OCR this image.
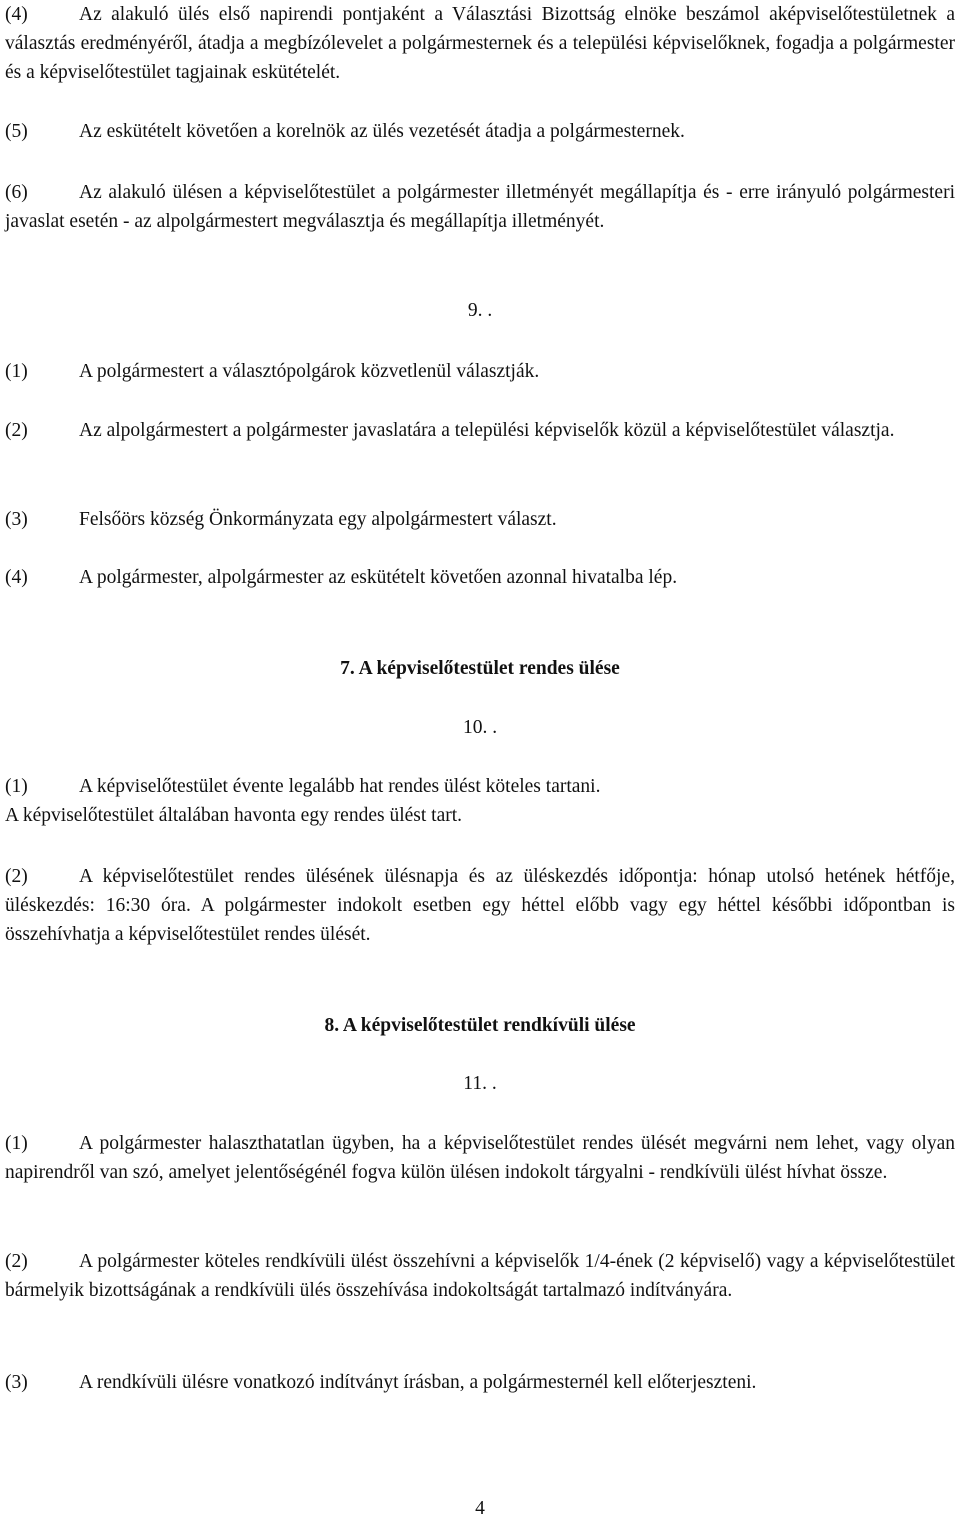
(4)	Az alakuló ülés első napirendi pontjaként a Választási Bizottság elnöke beszámol aképviselőtestületnek a választás eredményéről, átadja a megbízólevelet a polgármesternek és a települési képviselőknek, fogadja a polgármester és a képviselőtestület tagjainak eskütételét.
(5)	Az eskütételt követően a korelnök az ülés vezetését átadja a polgármesternek.
(6)	Az alakuló ülésen a képviselőtestület a polgármester illetményét megállapítja és - erre irányuló polgármesteri javaslat esetén - az alpolgármestert megválasztja és megállapítja illetményét.
9. .
(1)	A polgármestert a választópolgárok közvetlenül választják.
(2)	Az alpolgármestert a polgármester javaslatára a települési képviselők közül a képviselőtestület választja.
(3)	Felsőörs község Önkormányzata egy alpolgármestert választ.
(4)	A polgármester, alpolgármester az eskütételt követően azonnal hivatalba lép.
7. A képviselőtestület rendes ülése
10. .
(1)	A képviselőtestület évente legalább hat rendes ülést köteles tartani.
A képviselőtestület általában havonta egy rendes ülést tart.
(2)	A képviselőtestület rendes ülésének ülésnapja és az üléskezdés időpontja: hónap utolsó hetének hétfője, üléskezdés: 16:30 óra. A polgármester indokolt esetben egy héttel előbb vagy egy héttel későbbi időpontban is összehívhatja a képviselőtestület rendes ülését.
8. A képviselőtestület rendkívüli ülése
11. .
(1)	A polgármester halaszthatatlan ügyben, ha a képviselőtestület rendes ülését megvárni nem lehet, vagy olyan napirendről van szó, amelyet jelentőségénél fogva külön ülésen indokolt tárgyalni - rendkívüli ülést hívhat össze.
(2)	A polgármester köteles rendkívüli ülést összehívni a képviselők 1/4-ének (2 képviselő) vagy a képviselőtestület bármelyik bizottságának a rendkívüli ülés összehívása indokoltságát tartalmazó indítványára.
(3)	A rendkívüli ülésre vonatkozó indítványt írásban, a polgármesternél kell előterjeszteni.
4
